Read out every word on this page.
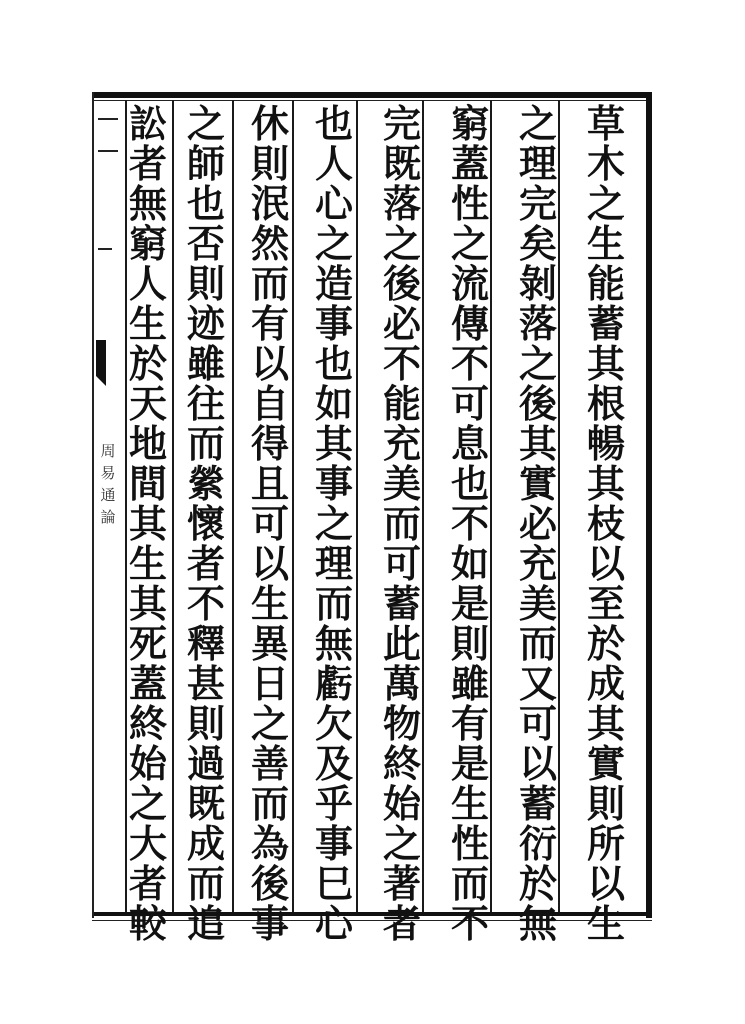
周
易
通
論
草
木
之
生
能
蓄
其
根
暢
其
枝
以
至
於
成
其
實
則
所
以
生
之
理
完
矣
剝
落
之
後
其
實
必
充
美
而
又
可
以
蓄
衍
於
無
窮
蓋
性
之
流
傳
不
可
息
也
不
如
是
則
雖
有
是
生
性
而
不
完
既
落
之
後
必
不
能
充
美
而
可
蓄
此
萬
物
終
始
之
著
者
也
人
心
之
造
事
也
如
其
事
之
理
而
無
虧
欠
及
乎
事
巳
心
休
則
泯
然
而
有
以
自
得
且
可
以
生
異
日
之
善
而
為
後
事
之
師
也
否
則
迹
雖
往
而
縈
懷
者
不
釋
甚
則
過
既
成
而
追
訟
者
無
窮
人
生
於
天
地
間
其
生
其
死
蓋
終
始
之
大
者
較
